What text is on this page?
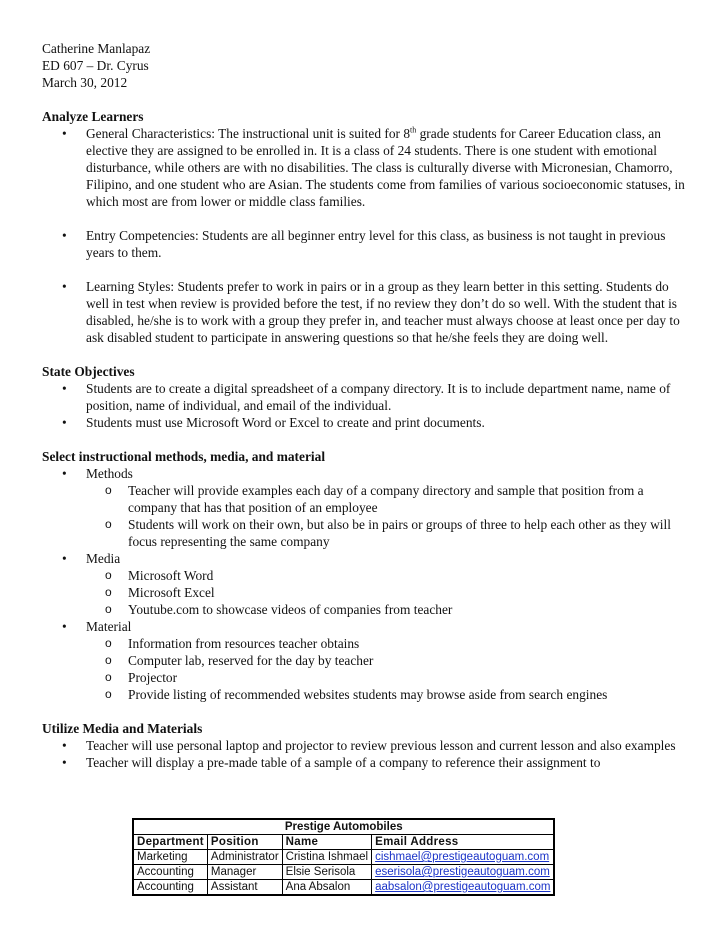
Catherine Manlapaz
ED 607 – Dr. Cyrus
March 30, 2012
Analyze Learners
• General Characteristics: The instructional unit is suited for 8th grade students for Career Education class, an elective they are assigned to be enrolled in. It is a class of 24 students. There is one student with emotional disturbance, while others are with no disabilities. The class is culturally diverse with Micronesian, Chamorro, Filipino, and one student who are Asian. The students come from families of various socioeconomic statuses, in which most are from lower or middle class families.
• Entry Competencies: Students are all beginner entry level for this class, as business is not taught in previous years to them.
• Learning Styles: Students prefer to work in pairs or in a group as they learn better in this setting. Students do well in test when review is provided before the test, if no review they don’t do so well. With the student that is disabled, he/she is to work with a group they prefer in, and teacher must always choose at least once per day to ask disabled student to participate in answering questions so that he/she feels they are doing well.
State Objectives
• Students are to create a digital spreadsheet of a company directory. It is to include department name, name of position, name of individual, and email of the individual.
• Students must use Microsoft Word or Excel to create and print documents.
Select instructional methods, media, and material
• Methods
o Teacher will provide examples each day of a company directory and sample that position from a company that has that position of an employee
o Students will work on their own, but also be in pairs or groups of three to help each other as they will focus representing the same company
• Media
o Microsoft Word
o Microsoft Excel
o Youtube.com to showcase videos of companies from teacher
• Material
o Information from resources teacher obtains
o Computer lab, reserved for the day by teacher
o Projector
o Provide listing of recommended websites students may browse aside from search engines
Utilize Media and Materials
• Teacher will use personal laptop and projector to review previous lesson and current lesson and also examples
• Teacher will display a pre-made table of a sample of a company to reference their assignment to
Prestige Automobiles			
Department	Position	Name	Email Address
Marketing	Administrator	Cristina Ishmael	cishmael@prestigeautoguam.com
Accounting	Manager	Elsie Serisola	eserisola@prestigeautoguam.com
Accounting	Assistant	Ana Absalon	aabsalon@prestigeautoguam.com
